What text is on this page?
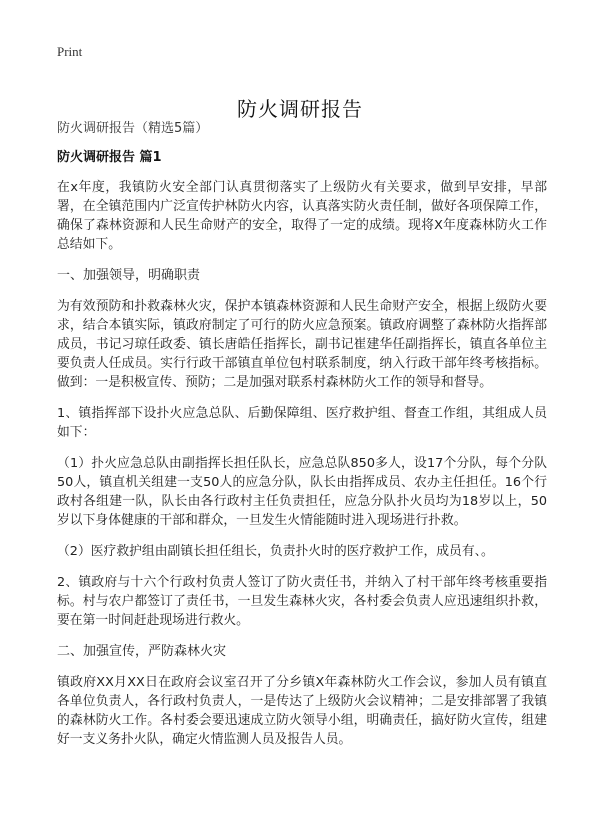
Print
防火调研报告

防火调研报告（精选5篇）

防火调研报告 篇1

在x年度，我镇防火安全部门认真贯彻落实了上级防火有关要求，做到早安排，早部署，在全镇范围内广泛宣传护林防火内容，认真落实防火责任制，做好各项保障工作，确保了森林资源和人民生命财产的安全，取得了一定的成绩。现将X年度森林防火工作总结如下。

一、加强领导，明确职责

为有效预防和扑救森林火灾，保护本镇森林资源和人民生命财产安全，根据上级防火要求，结合本镇实际，镇政府制定了可行的防火应急预案。镇政府调整了森林防火指挥部成员，书记习琼任政委、镇长唐皓任指挥长，副书记崔建华任副指挥长，镇直各单位主要负责人任成员。实行行政干部镇直单位包村联系制度，纳入行政干部年终考核指标。做到：一是积极宣传、预防；二是加强对联系村森林防火工作的领导和督导。

1、镇指挥部下设扑火应急总队、后勤保障组、医疗救护组、督查工作组，其组成人员如下：

（1）扑火应急总队由副指挥长担任队长，应急总队850多人，设17个分队，每个分队50人，镇直机关组建一支50人的应急分队，队长由指挥成员、农办主任担任。16个行政村各组建一队，队长由各行政村主任负责担任，应急分队扑火员均为18岁以上，50岁以下身体健康的干部和群众，一旦发生火情能随时进入现场进行扑救。

（2）医疗救护组由副镇长担任组长，负责扑火时的医疗救护工作，成员有、。

2、镇政府与十六个行政村负责人签订了防火责任书，并纳入了村干部年终考核重要指标。村与农户都签订了责任书，一旦发生森林火灾，各村委会负责人应迅速组织扑救，要在第一时间赶赴现场进行救火。

二、加强宣传，严防森林火灾

镇政府XX月XX日在政府会议室召开了分乡镇X年森林防火工作会议，参加人员有镇直各单位负责人，各行政村负责人，一是传达了上级防火会议精神；二是安排部署了我镇的森林防火工作。各村委会要迅速成立防火领导小组，明确责任，搞好防火宣传，组建好一支义务扑火队，确定火情监测人员及报告人员。
